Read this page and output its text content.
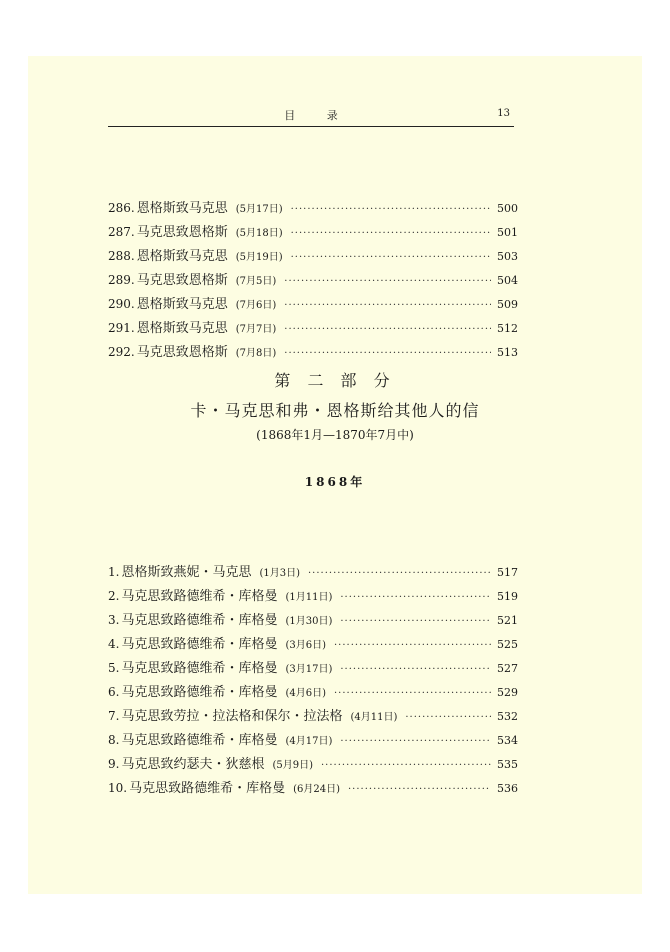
目 录	13
286. 恩格斯致马克思 (5月17日) ·····	500
287. 马克思致恩格斯 (5月18日) ·····	501
288. 恩格斯致马克思 (5月19日) ·····	503
289. 马克思致恩格斯 (7月5日) ·····	504
290. 恩格斯致马克思 (7月6日) ·····	509
291. 恩格斯致马克思 (7月7日) ·····	512
292. 马克思致恩格斯 (7月8日) ·····	513
第 二 部 分
卡・马克思和弗・恩格斯给其他人的信
(1868年1月—1870年7月中)
1868年
1. 恩格斯致燕妮・马克思 (1月3日) ·····	517
2. 马克思致路德维希・库格曼 (1月11日) ·····	519
3. 马克思致路德维希・库格曼 (1月30日) ·····	521
4. 马克思致路德维希・库格曼 (3月6日) ·····	525
5. 马克思致路德维希・库格曼 (3月17日) ·····	527
6. 马克思致路德维希・库格曼 (4月6日) ·····	529
7. 马克思致劳拉・拉法格和保尔・拉法格 (4月11日) ·····	532
8. 马克思致路德维希・库格曼 (4月17日) ·····	534
9. 马克思致约瑟夫・狄慈根 (5月9日) ·····	535
10. 马克思致路德维希・库格曼 (6月24日) ·····	536
